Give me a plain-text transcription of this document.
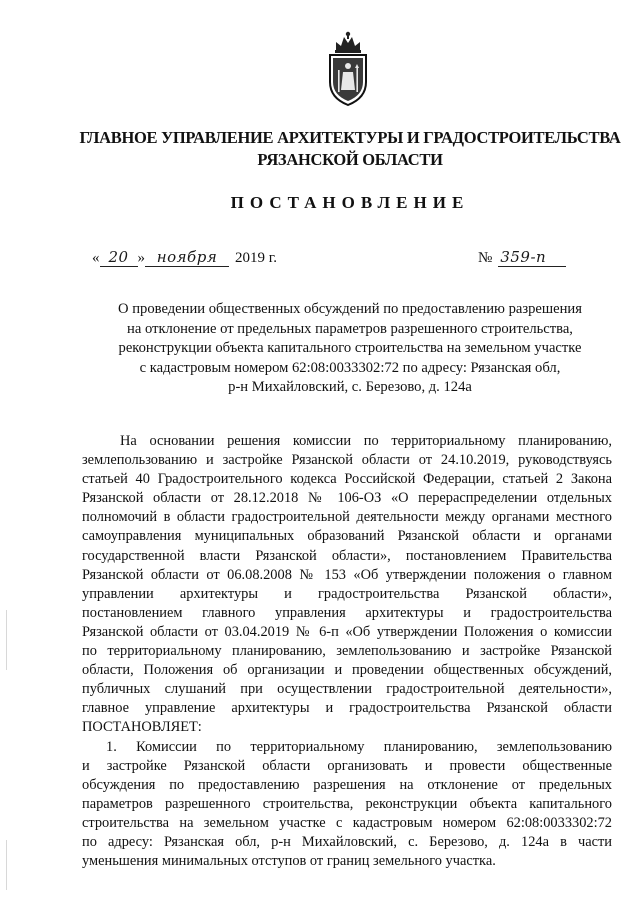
ГЛАВНОЕ УПРАВЛЕНИЕ АРХИТЕКТУРЫ И ГРАДОСТРОИТЕЛЬСТВА
РЯЗАНСКОЙ ОБЛАСТИ
ПОСТАНОВЛЕНИЕ
« 20 » ноября	2019 г.	№ 359-п
О проведении общественных обсуждений по предоставлению разрешения
на отклонение от предельных параметров разрешенного строительства,
реконструкции объекта капитального строительства на земельном участке
с кадастровым номером 62:08:0033302:72 по адресу: Рязанская обл,
р-н Михайловский, с. Березово, д. 124а
На основании решения комиссии по территориальному планированию,
землепользованию и застройке Рязанской области от 24.10.2019, руководствуясь
статьей 40 Градостроительного кодекса Российской Федерации, статьей 2 Закона
Рязанской области от 28.12.2018 № 106-ОЗ «О перераспределении отдельных
полномочий в области градостроительной деятельности между органами местного
самоуправления муниципальных образований Рязанской области и органами
государственной власти Рязанской области», постановлением Правительства
Рязанской области от 06.08.2008 № 153 «Об утверждении положения о главном
управлении архитектуры и градостроительства Рязанской области»,
постановлением главного управления архитектуры и градостроительства
Рязанской области от 03.04.2019 № 6-п «Об утверждении Положения о комиссии
по территориальному планированию, землепользованию и застройке Рязанской
области, Положения об организации и проведении общественных обсуждений,
публичных слушаний при осуществлении градостроительной деятельности»,
главное управление архитектуры и градостроительства Рязанской области
ПОСТАНОВЛЯЕТ:
1. Комиссии по территориальному планированию, землепользованию
и застройке Рязанской области организовать и провести общественные
обсуждения по предоставлению разрешения на отклонение от предельных
параметров разрешенного строительства, реконструкции объекта капитального
строительства на земельном участке с кадастровым номером 62:08:0033302:72
по адресу: Рязанская обл, р-н Михайловский, с. Березово, д. 124а в части
уменьшения минимальных отступов от границ земельного участка.
